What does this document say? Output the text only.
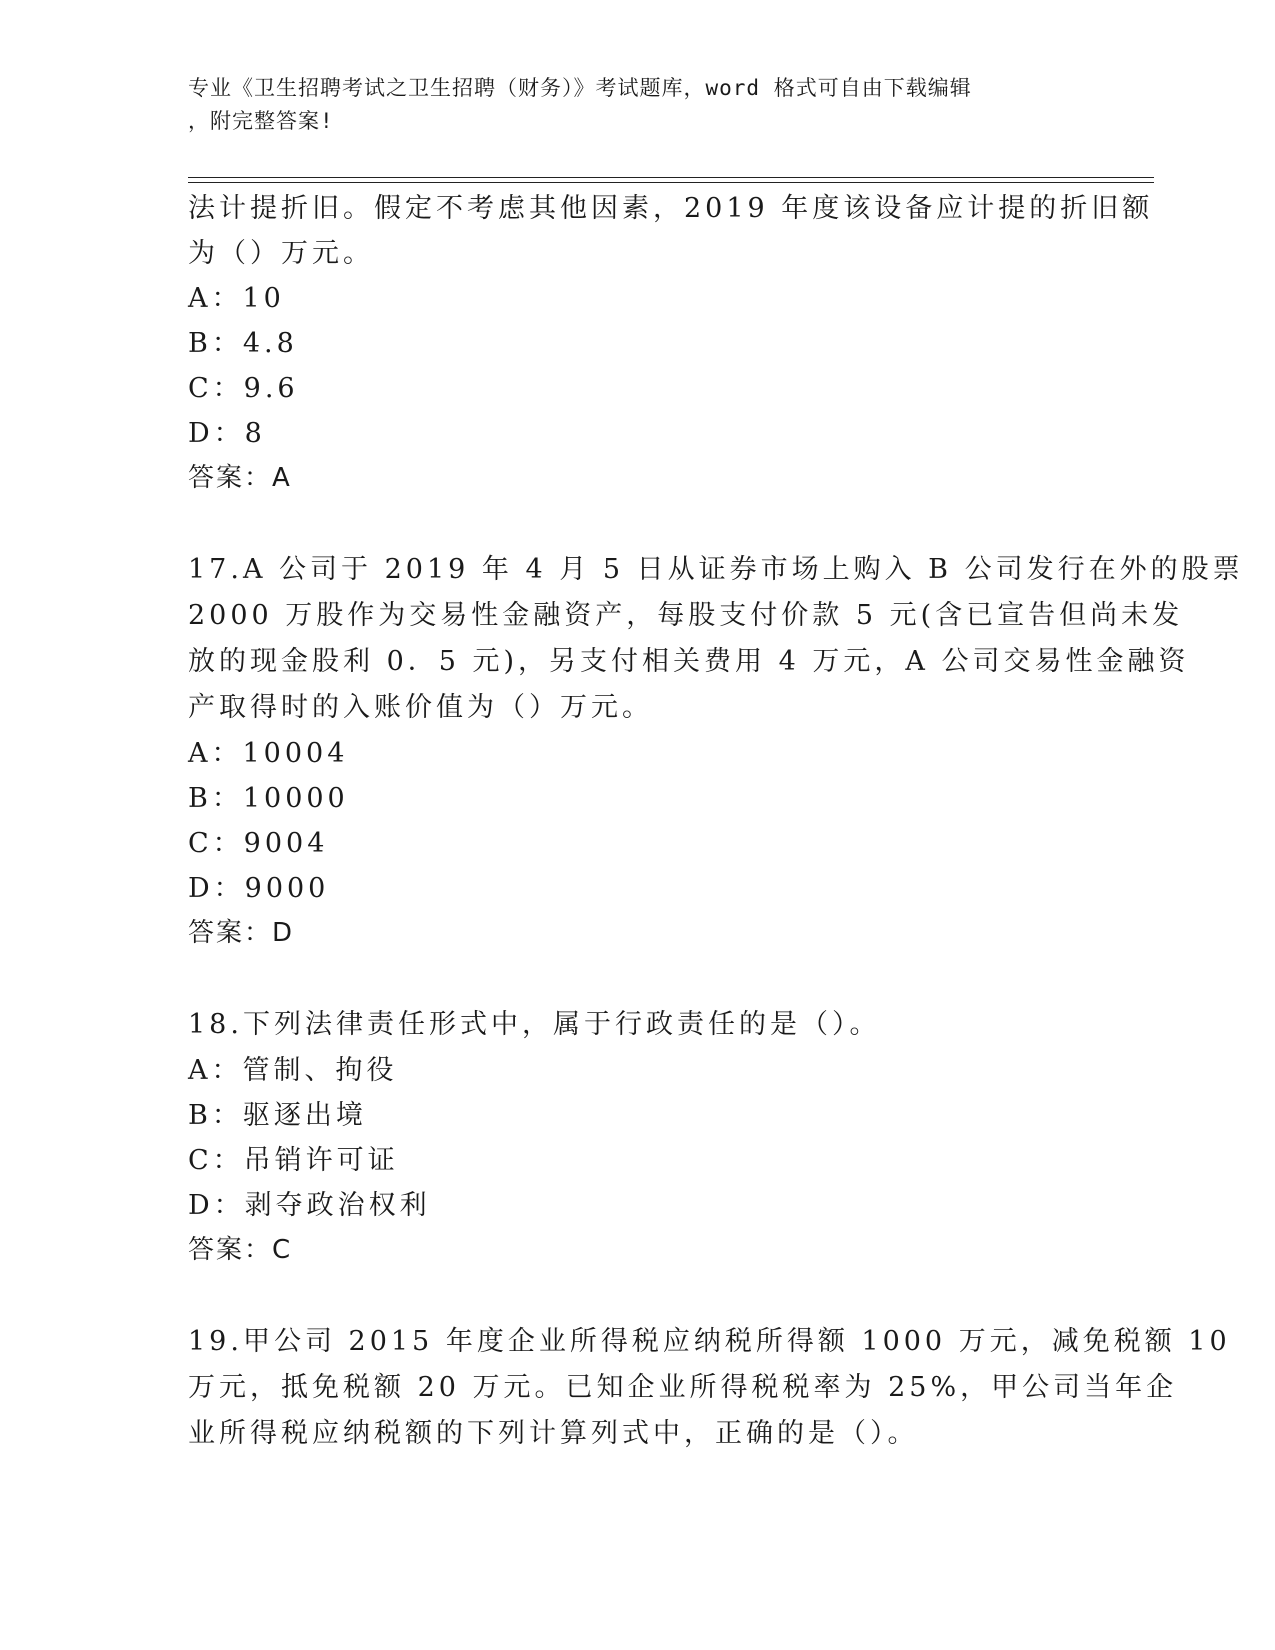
专业《卫生招聘考试之卫生招聘（财务）》考试题库，word 格式可自由下载编辑
，附完整答案!
法计提折旧。假定不考虑其他因素，2019 年度该设备应计提的折旧额
为（）万元。
A：10
B：4.8
C：9.6
D：8
答案：A
17.A 公司于 2019 年 4 月 5 日从证券市场上购入 B 公司发行在外的股票
2000 万股作为交易性金融资产，每股支付价款 5 元(含已宣告但尚未发
放的现金股利 0．5 元)，另支付相关费用 4 万元，A 公司交易性金融资
产取得时的入账价值为（）万元。
A：10004
B：10000
C：9004
D：9000
答案：D
18.下列法律责任形式中，属于行政责任的是（）。
A：管制、拘役
B：驱逐出境
C：吊销许可证
D：剥夺政治权利
答案：C
19.甲公司 2015 年度企业所得税应纳税所得额 1000 万元，减免税额 10
万元，抵免税额 20 万元。已知企业所得税税率为 25%，甲公司当年企
业所得税应纳税额的下列计算列式中，正确的是（）。
